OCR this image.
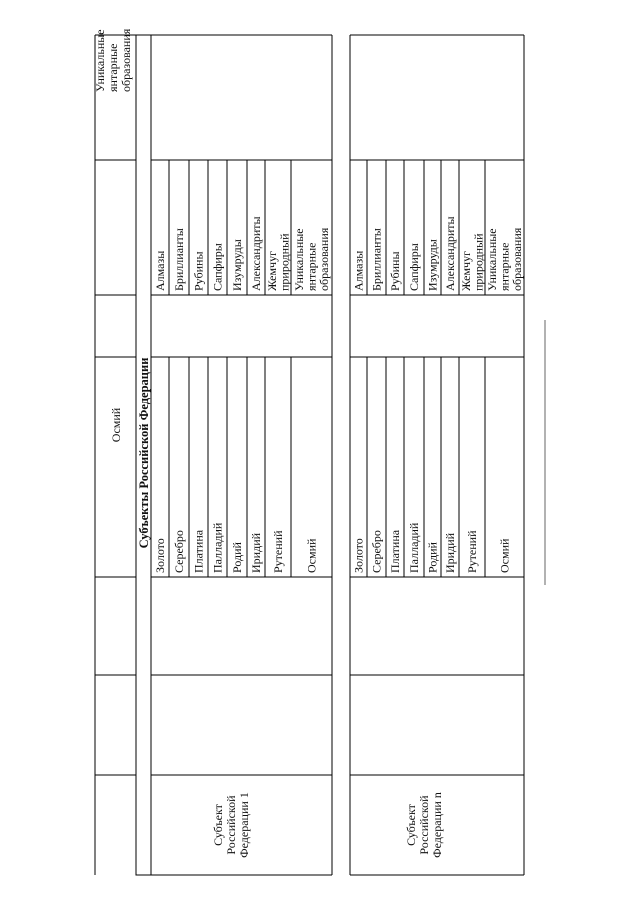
Осмий
Уникальные янтарные образования
Субъекты Российской Федерации
Золото Серебро Платина Палладий Родий Иридий Рутений Осмий
Алмазы Бриллианты Рубины Сапфиры Изумруды Александриты Жемчуг
природный Уникальные
янтарные
образования
Субъект Российской Федерации 1
Золото Серебро Платина Палладий Родий Иридий Рутений Осмий
Алмазы Бриллианты Рубины Сапфиры Изумруды Александриты Жемчуг
природный Уникальные
янтарные
образования
Субъект Российской Федерации n
